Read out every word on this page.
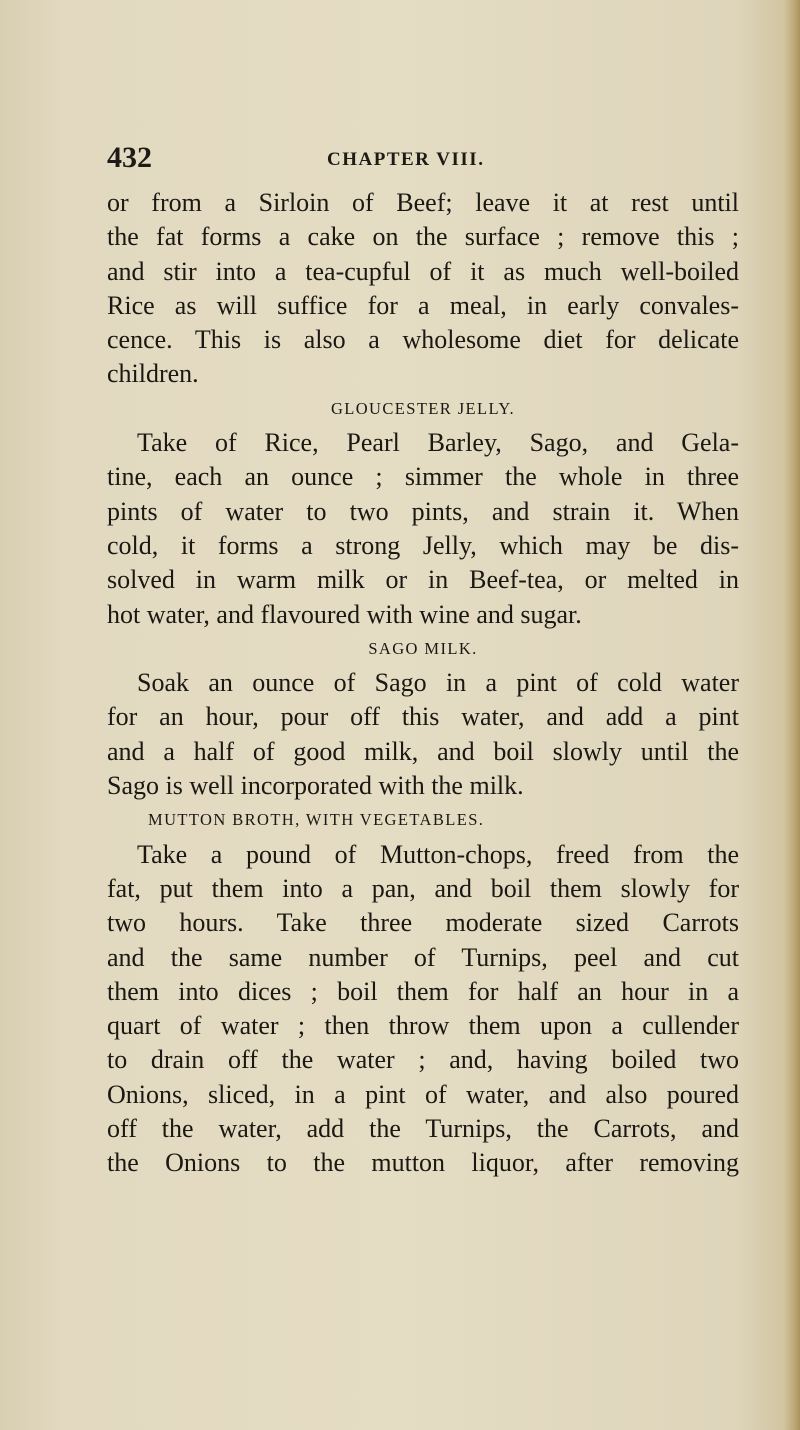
432	CHAPTER VIII.
or from a Sirloin of Beef; leave it at rest until
the fat forms a cake on the surface ; remove this ;
and stir into a tea-cupful of it as much well-boiled
Rice as will suffice for a meal, in early convales-
cence. This is also a wholesome diet for delicate
children.
GLOUCESTER JELLY.
Take of Rice, Pearl Barley, Sago, and Gela-
tine, each an ounce ; simmer the whole in three
pints of water to two pints, and strain it. When
cold, it forms a strong Jelly, which may be dis-
solved in warm milk or in Beef-tea, or melted in
hot water, and flavoured with wine and sugar.
SAGO MILK.
Soak an ounce of Sago in a pint of cold water
for an hour, pour off this water, and add a pint
and a half of good milk, and boil slowly until the
Sago is well incorporated with the milk.
MUTTON BROTH, WITH VEGETABLES.
Take a pound of Mutton-chops, freed from the
fat, put them into a pan, and boil them slowly for
two hours. Take three moderate sized Carrots
and the same number of Turnips, peel and cut
them into dices ; boil them for half an hour in a
quart of water ; then throw them upon a cullender
to drain off the water ; and, having boiled two
Onions, sliced, in a pint of water, and also poured
off the water, add the Turnips, the Carrots, and
the Onions to the mutton liquor, after removing
